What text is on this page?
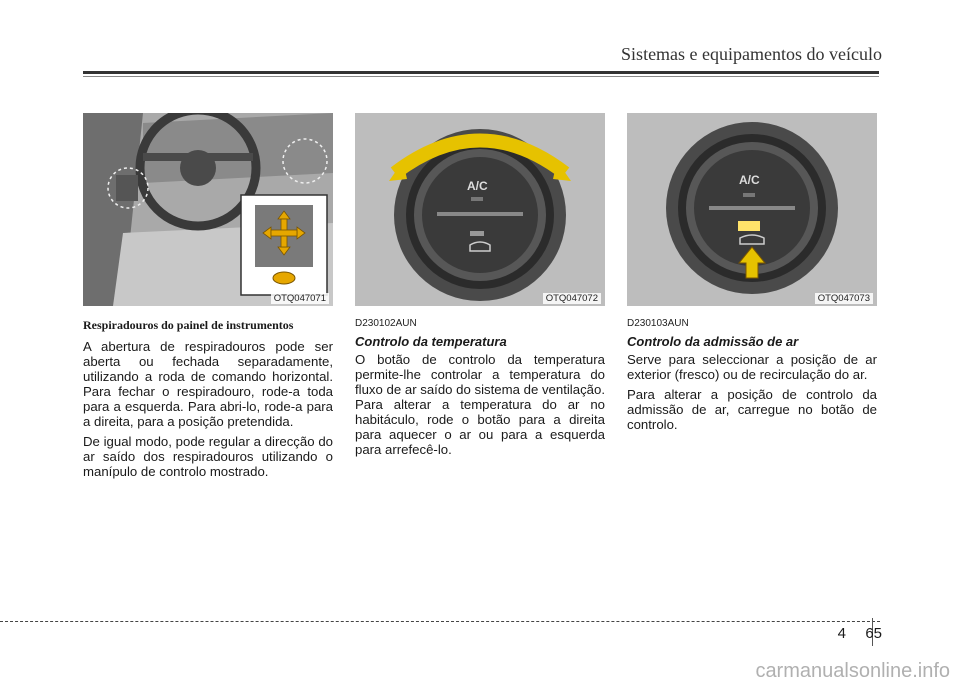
Sistemas e equipamentos do veículo
OTQ047071
A/C
OTQ047072
A/C
OTQ047073
Respiradouros do painel de instrumentos

A abertura de respiradouros pode ser aberta ou fechada separadamente, utilizando a roda de comando horizontal. Para fechar o respiradouro, rode-a toda para a esquerda. Para abri-lo, rode-a para a direita, para a posição pretendida.

De igual modo, pode regular a direcção do ar saído dos respiradouros utilizando o manípulo de controlo mostrado.

D230102AUN
Controlo da temperatura

O botão de controlo da temperatura permite-lhe controlar a temperatura do fluxo de ar saído do sistema de ventilação. Para alterar a temperatura do ar no habitáculo, rode o botão para a direita para aquecer o ar ou para a esquerda para arrefecê-lo.

D230103AUN
Controlo da admissão de ar

Serve para seleccionar a posição de ar exterior (fresco) ou de recirculação do ar.

Para alterar a posição de controlo da admissão de ar, carregue no botão de controlo.

4 65
carmanualsonline.info
